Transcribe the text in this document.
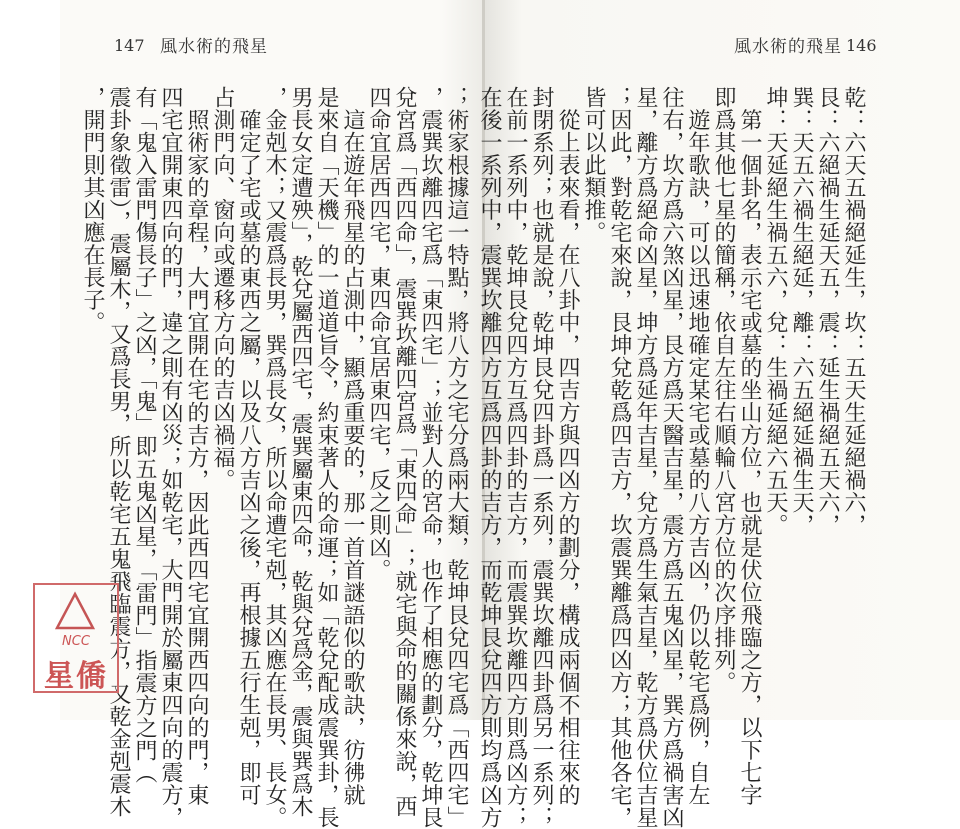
147 風水術的飛星	風水術的飛星 146
；術家根據這一特點，將八方之宅分爲兩大類，乾坤艮兌四宅爲「西四宅」
，震巽坎離四宅爲「東四宅」；並對人的宮命，也作了相應的劃分，乾坤艮
兌宮爲「西四命」，震巽坎離四宮爲「東四命」；就宅與命的關係來說，西
四命宜居西四宅，東四命宜居東四宅，反之則凶。
　這在遊年飛星的占測中，顯爲重要的，那一首首謎語似的歌訣，彷彿就
是來自「天機」的一道道旨令，約束著人的命運；如「乾兌配成震巽卦，長
男長女定遭殃」，乾兌屬西四宅，震巽屬東四命，乾與兌爲金，震與巽爲木
，金剋木；又震爲長男，巽爲長女，所以命遭宅剋，其凶應在長男、長女。
　確定了宅或墓的東西之屬，以及八方吉凶之後，再根據五行生剋，即可
占測門向、窗向或遷移方向的吉凶禍福。
　照術家的章程，大門宜開在宅的吉方，因此西四宅宜開西四向的門，東
四宅宜開東四向的門，違之則有凶災；如乾宅，大門開於屬東四向的震方，
有「鬼入雷門傷長子」之凶，「鬼」即五鬼凶星，「雷門」指震方之門（
震卦象徵雷），震屬木，又爲長男，所以乾宅五鬼飛臨震方，又乾金剋震木
，開門則其凶應在長子。	乾：六天五禍絕延生，坎：五天生延絕禍六，
艮：六絕禍生延天五，震：延生禍絕五天六，
巽：天五六禍生絕延，離：六五絕延禍生天，
坤：天延絕生禍五六，兌：生禍延絕六五天。
　第一個卦名，表示宅或墓的坐山方位，也就是伏位飛臨之方，以下七字
即爲其他七星的簡稱，依自左往右順輪八宮方位的次序排列。
　遊年歌訣，可以迅速地確定某宅或墓的八方吉凶，仍以乾宅爲例，自左
往右，坎方爲六煞凶星，艮方爲天醫吉星，震方爲五鬼凶星，巽方爲禍害凶
星，離方爲絕命凶星，坤方爲延年吉星，兌方爲生氣吉星，乾方爲伏位吉星
；因此，對乾宅來說，艮坤兌乾爲四吉方，坎震巽離爲四凶方；其他各宅，
皆可以此類推。
　從上表來看，在八卦中，四吉方與四凶方的劃分，構成兩個不相往來的
封閉系列；也就是說，乾坤艮兌四卦爲一系列，震巽坎離四卦爲另一系列；
在前一系列中，乾坤艮兌四方互爲四卦的吉方，而震巽坎離四方則爲凶方；
在後一系列中，震巽坎離四方互爲四卦的吉方，而乾坤艮兌四方則均爲凶方
NCC
星僑
